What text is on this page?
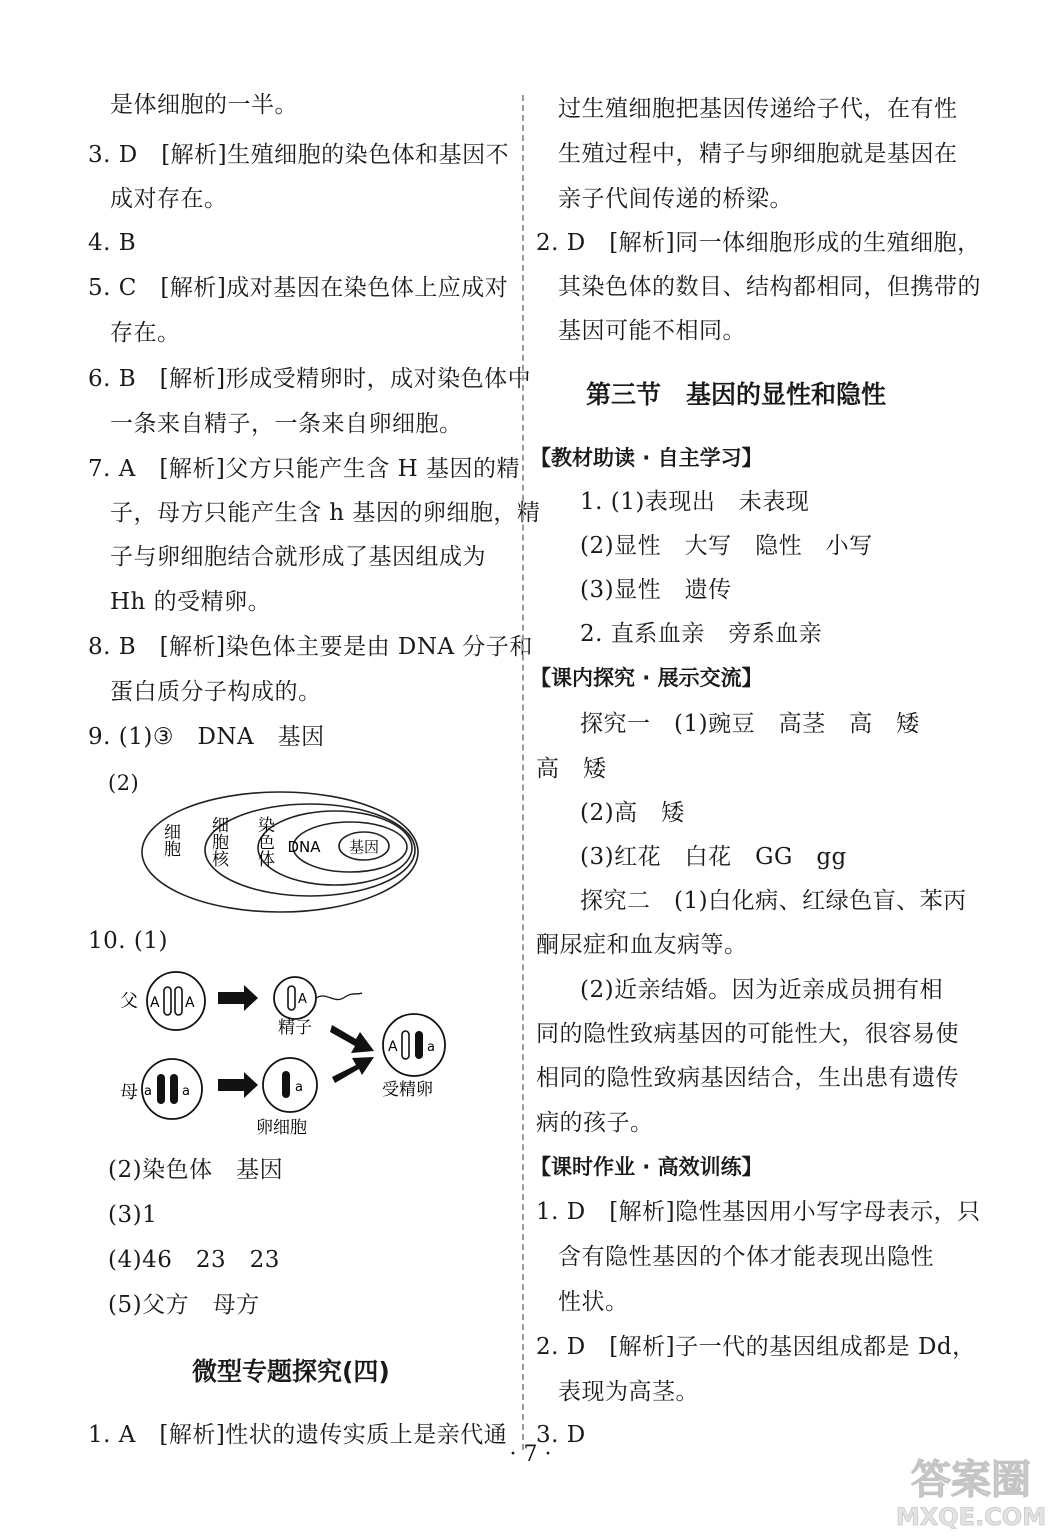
是体细胞的一半。
3. D　[解析]生殖细胞的染色体和基因不
成对存在。
4. B
5. C　[解析]成对基因在染色体上应成对
存在。
6. B　[解析]形成受精卵时，成对染色体中
一条来自精子，一条来自卵细胞。
7. A　[解析]父方只能产生含 H 基因的精
子，母方只能产生含 h 基因的卵细胞，精
子与卵细胞结合就形成了基因组成为
Hh 的受精卵。
8. B　[解析]染色体主要是由 DNA 分子和
蛋白质分子构成的。
9. (1)③　DNA　基因
(2)
细胞 细胞核 染色体 DNA 基因
10. (1)
父 A A	A
精子
母 a a	a
卵细胞
A a
受精卵
(2)染色体　基因
(3)1
(4)46　23　23
(5)父方　母方
微型专题探究(四)
1. A　[解析]性状的遗传实质上是亲代通
过生殖细胞把基因传递给子代，在有性
生殖过程中，精子与卵细胞就是基因在
亲子代间传递的桥梁。
2. D　[解析]同一体细胞形成的生殖细胞，
其染色体的数目、结构都相同，但携带的
基因可能不相同。
第三节　基因的显性和隐性
【教材助读 · 自主学习】
1. (1)表现出　未表现
(2)显性　大写　隐性　小写
(3)显性　遗传
2. 直系血亲　旁系血亲
【课内探究 · 展示交流】
探究一　(1)豌豆　高茎　高　矮
高　矮
(2)高　矮
(3)红花　白花　GG　gg
探究二　(1)白化病、红绿色盲、苯丙
酮尿症和血友病等。
(2)近亲结婚。因为近亲成员拥有相
同的隐性致病基因的可能性大，很容易使
相同的隐性致病基因结合，生出患有遗传
病的孩子。
【课时作业 · 高效训练】
1. D　[解析]隐性基因用小写字母表示，只
含有隐性基因的个体才能表现出隐性
性状。
2. D　[解析]子一代的基因组成都是 Dd，
表现为高茎。
3. D
· 7 ·
答案圈
MXQE.COM
